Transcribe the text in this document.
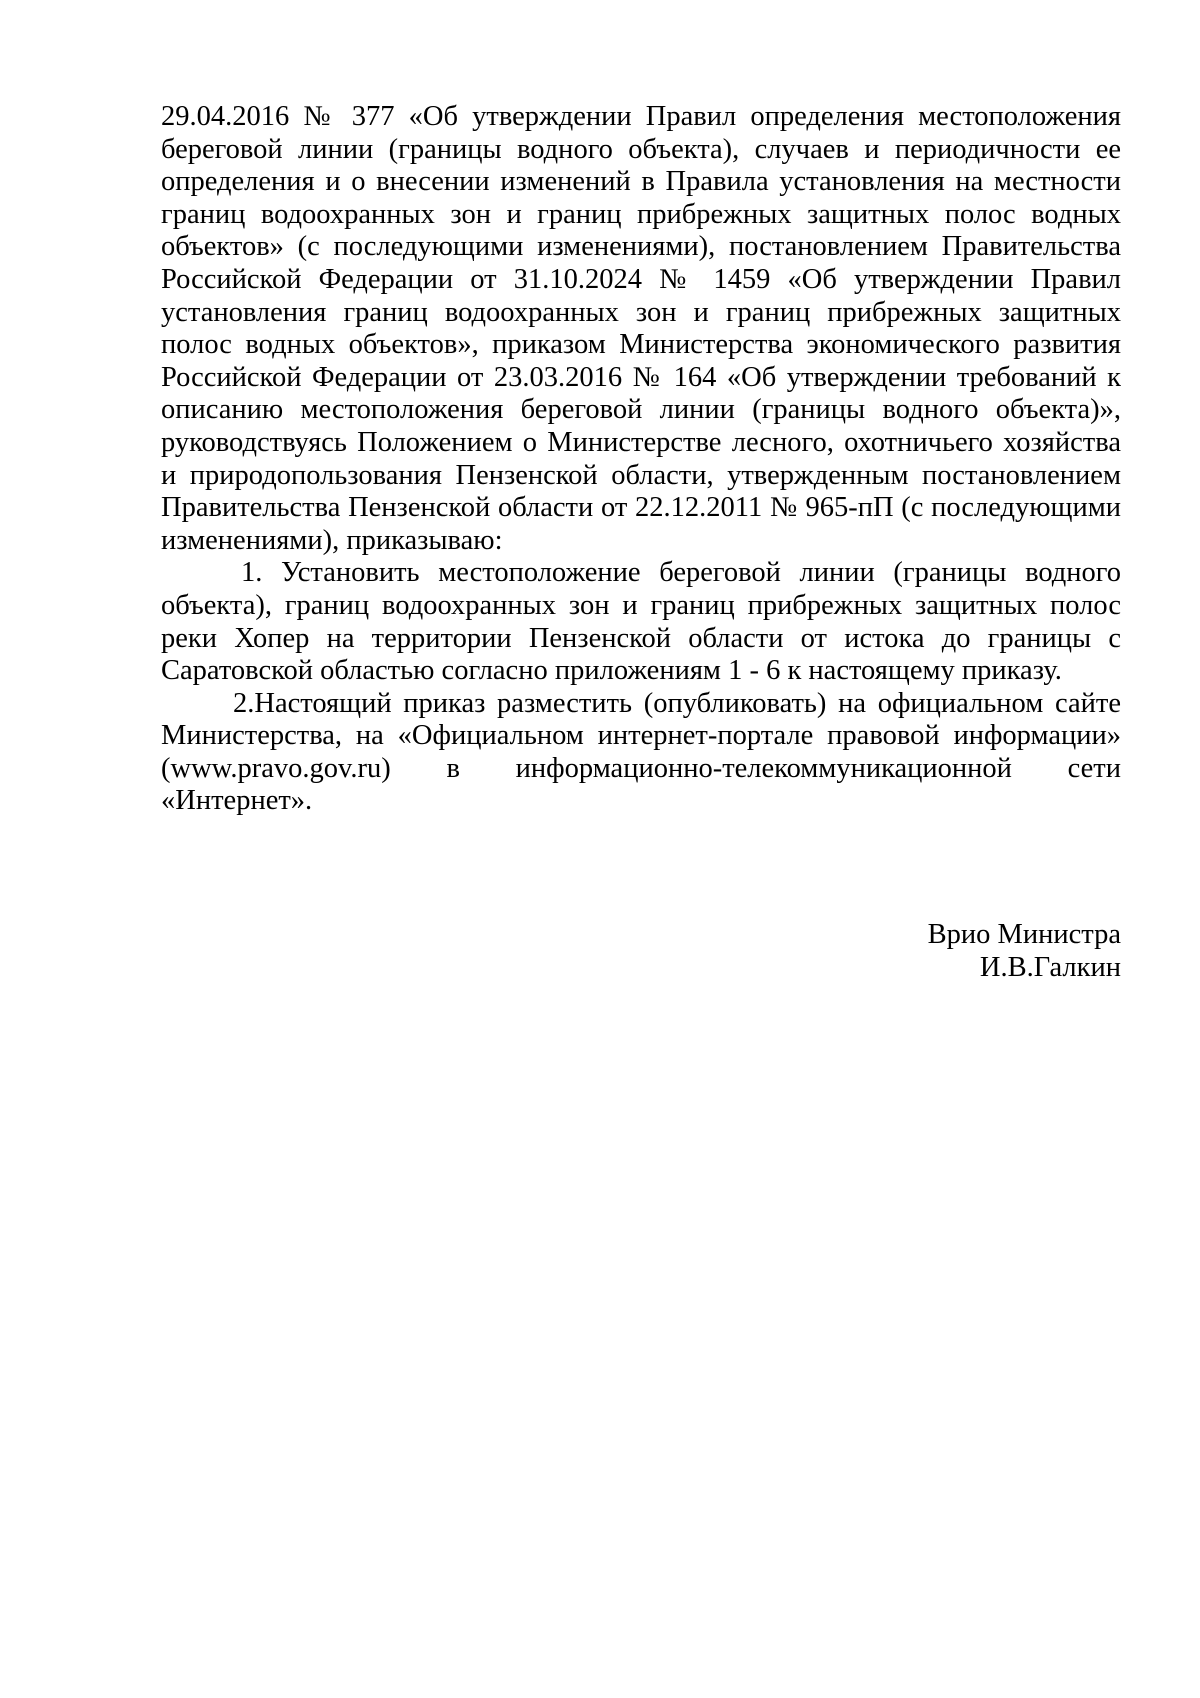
29.04.2016 № 377 «Об утверждении Правил определения местоположения береговой линии (границы водного объекта), случаев и периодичности ее определения и о внесении изменений в Правила установления на местности границ водоохранных зон и границ прибрежных защитных полос водных объектов» (с последующими изменениями), постановлением Правительства Российской Федерации от 31.10.2024 № 1459 «Об утверждении Правил установления границ водоохранных зон и границ прибрежных защитных полос водных объектов», приказом Министерства экономического развития Российской Федерации от 23.03.2016 № 164 «Об утверждении требований к описанию местоположения береговой линии (границы водного объекта)», руководствуясь Положением о Министерстве лесного, охотничьего хозяйства и природопользования Пензенской области, утвержденным постановлением Правительства Пензенской области от 22.12.2011 № 965-пП (с последующими изменениями), приказываю:

1. Установить местоположение береговой линии (границы водного объекта), границ водоохранных зон и границ прибрежных защитных полос реки Хопер на территории Пензенской области от истока до границы с Саратовской областью согласно приложениям 1 - 6 к настоящему приказу.

2.Настоящий приказ разместить (опубликовать) на официальном сайте Министерства, на «Официальном интернет-портале правовой информации» (www.pravo.gov.ru) в информационно-телекоммуникационной сети «Интернет».

Врио Министра
И.В.Галкин
